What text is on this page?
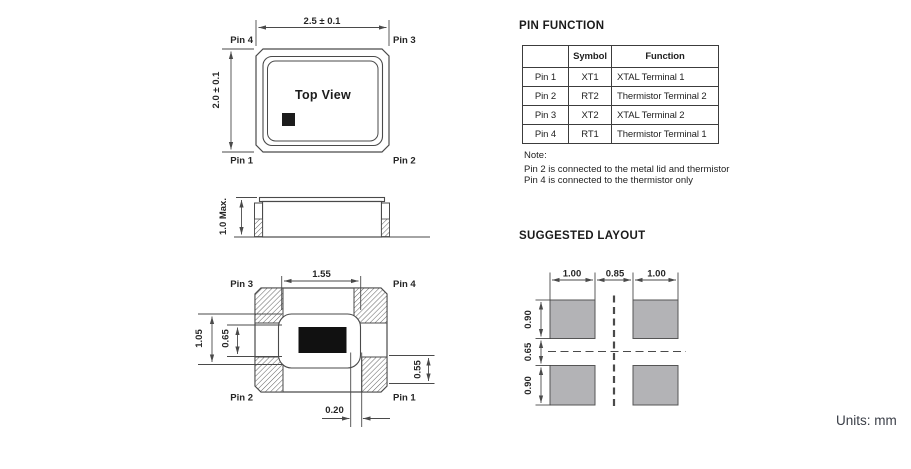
Top View
2.5 ± 0.1
2.0 ± 0.1
Pin 4	Pin 3
Pin 1	Pin 2
1.0 Max.
1.55
1.05 0.65
0.55
0.20
Pin 3	Pin 4
Pin 2	Pin 1
1.00	0.85 1.00
0.90
0.65
0.90
PIN FUNCTION
	Symbol	Function
Pin 1	XT1	XTAL Terminal 1
Pin 2	RT2	Thermistor Terminal 2
Pin 3	XT2	XTAL Terminal 2
Pin 4	RT1	Thermistor Terminal 1
Note:
Pin 2 is connected to the metal lid and thermistor
Pin 4 is connected to the thermistor only
SUGGESTED LAYOUT
Units: mm
